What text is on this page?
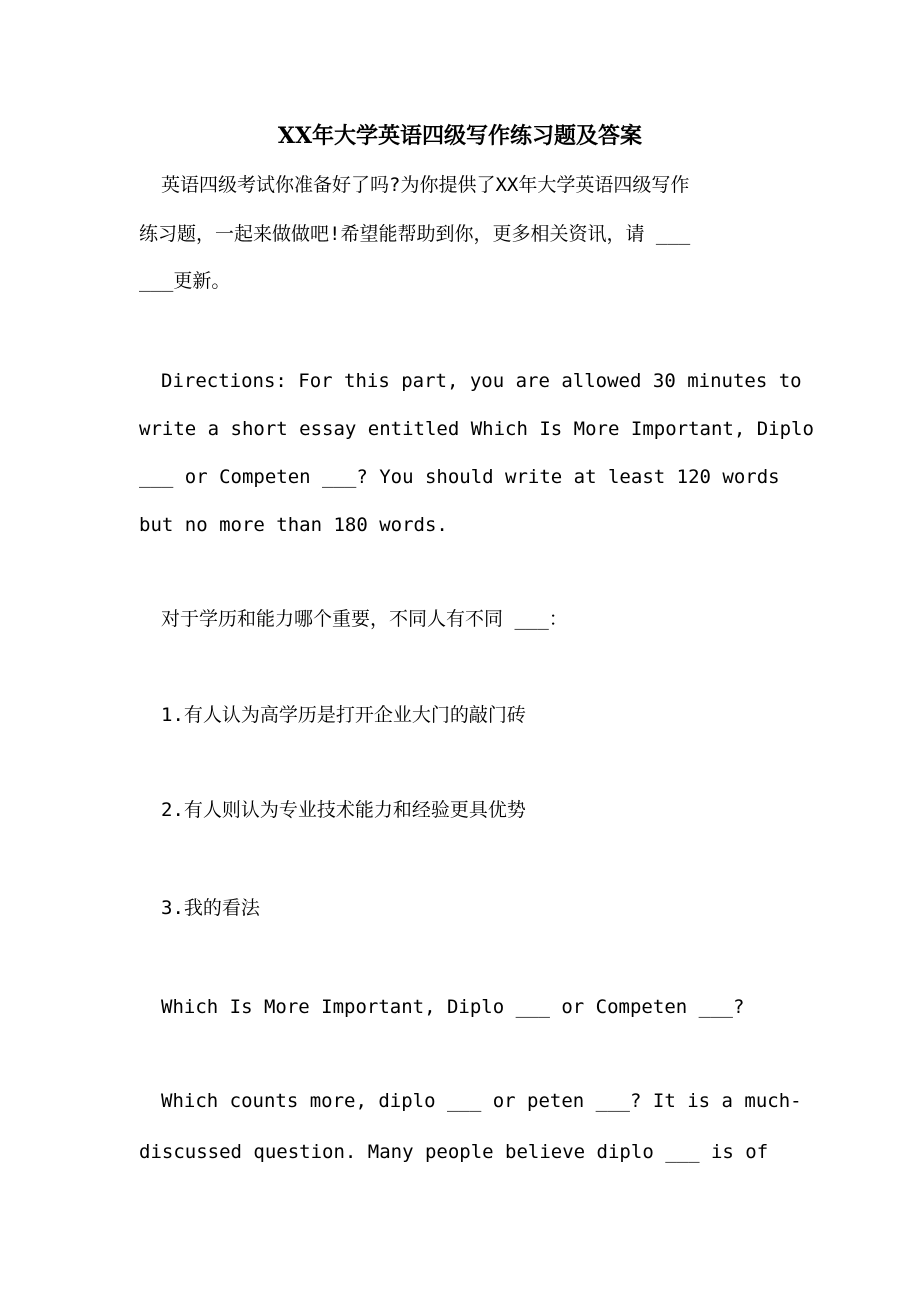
XX年大学英语四级写作练习题及答案
英语四级考试你准备好了吗?为你提供了XX年大学英语四级写作
练习题，一起来做做吧!希望能帮助到你，更多相关资讯，请 ___
___更新。
Directions: For this part, you are allowed 30 minutes to
write a short essay entitled Which Is More Important, Diplo
___ or Competen ___? You should write at least 120 words
but no more than 180 words.
对于学历和能力哪个重要，不同人有不同 ___：
1.有人认为高学历是打开企业大门的敲门砖
2.有人则认为专业技术能力和经验更具优势
3.我的看法
Which Is More Important, Diplo ___ or Competen ___?
Which counts more, diplo ___ or peten ___? It is a much-
discussed question. Many people believe diplo ___ is of
